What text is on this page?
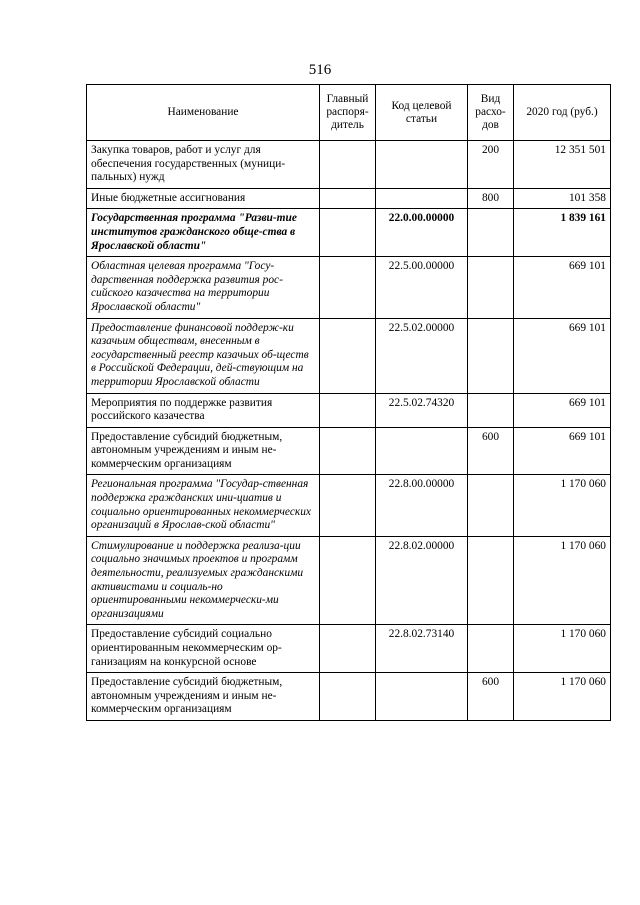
516
Наименование	Главный распоря-дитель	Код целевой статьи	Вид расхо-дов	2020 год (руб.)
Закупка товаров, работ и услуг для обеспечения государственных (муници-пальных) нужд			200	12 351 501
Иные бюджетные ассигнования			800	101 358
Государственная программа "Разви-тие институтов гражданского обще-ства в Ярославской области"		22.0.00.00000		1 839 161
Областная целевая программа "Госу-дарственная поддержка развития рос-сийского казачества на территории Ярославской области"		22.5.00.00000		669 101
Предоставление финансовой поддерж-ки казачьим обществам, внесенным в государственный реестр казачьих об-ществ в Российской Федерации, дей-ствующим на территории Ярославской области		22.5.02.00000		669 101
Мероприятия по поддержке развития российского казачества		22.5.02.74320		669 101
Предоставление субсидий бюджетным, автономным учреждениям и иным не-коммерческим организациям			600	669 101
Региональная программа "Государ-ственная поддержка гражданских ини-циатив и социально ориентированных некоммерческих организаций в Ярослав-ской области"		22.8.00.00000		1 170 060
Стимулирование и поддержка реализа-ции социально значимых проектов и программ деятельности, реализуемых гражданскими активистами и социаль-но ориентированными некоммерчески-ми организациями		22.8.02.00000		1 170 060
Предоставление субсидий социально ориентированным некоммерческим ор-ганизациям на конкурсной основе		22.8.02.73140		1 170 060
Предоставление субсидий бюджетным, автономным учреждениям и иным не-коммерческим организациям			600	1 170 060
